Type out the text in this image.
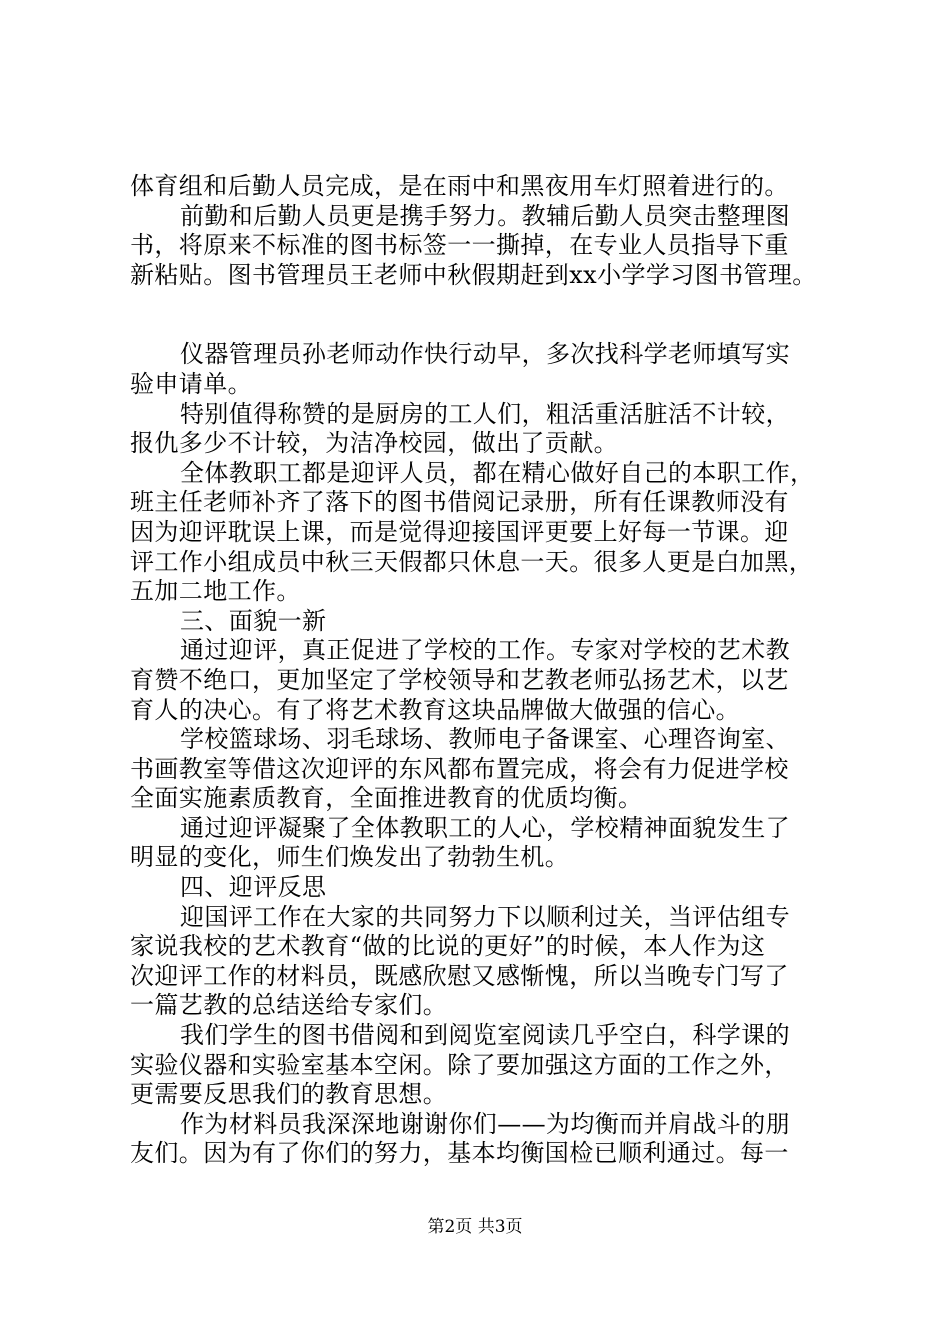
体育组和后勤人员完成，是在雨中和黑夜用车灯照着进行的。
前勤和后勤人员更是携手努力。教辅后勤人员突击整理图
书，将原来不标准的图书标签一一撕掉，在专业人员指导下重
新粘贴。图书管理员王老师中秋假期赶到xx小学学习图书管理。
仪器管理员孙老师动作快行动早，多次找科学老师填写实
验申请单。
特别值得称赞的是厨房的工人们，粗活重活脏活不计较，
报仇多少不计较，为洁净校园，做出了贡献。
全体教职工都是迎评人员，都在精心做好自己的本职工作，
班主任老师补齐了落下的图书借阅记录册，所有任课教师没有
因为迎评耽误上课，而是觉得迎接国评更要上好每一节课。迎
评工作小组成员中秋三天假都只休息一天。很多人更是白加黑，
五加二地工作。
三、面貌一新
通过迎评，真正促进了学校的工作。专家对学校的艺术教
育赞不绝口，更加坚定了学校领导和艺教老师弘扬艺术，以艺
育人的决心。有了将艺术教育这块品牌做大做强的信心。
学校篮球场、羽毛球场、教师电子备课室、心理咨询室、
书画教室等借这次迎评的东风都布置完成，将会有力促进学校
全面实施素质教育，全面推进教育的优质均衡。
通过迎评凝聚了全体教职工的人心，学校精神面貌发生了
明显的变化，师生们焕发出了勃勃生机。
四、迎评反思
迎国评工作在大家的共同努力下以顺利过关，当评估组专
家说我校的艺术教育“做的比说的更好”的时候，本人作为这
次迎评工作的材料员，既感欣慰又感惭愧，所以当晚专门写了
一篇艺教的总结送给专家们。
我们学生的图书借阅和到阅览室阅读几乎空白，科学课的
实验仪器和实验室基本空闲。除了要加强这方面的工作之外，
更需要反思我们的教育思想。
作为材料员我深深地谢谢你们——为均衡而并肩战斗的朋
友们。因为有了你们的努力，基本均衡国检已顺利通过。每一
第2页 共3页
